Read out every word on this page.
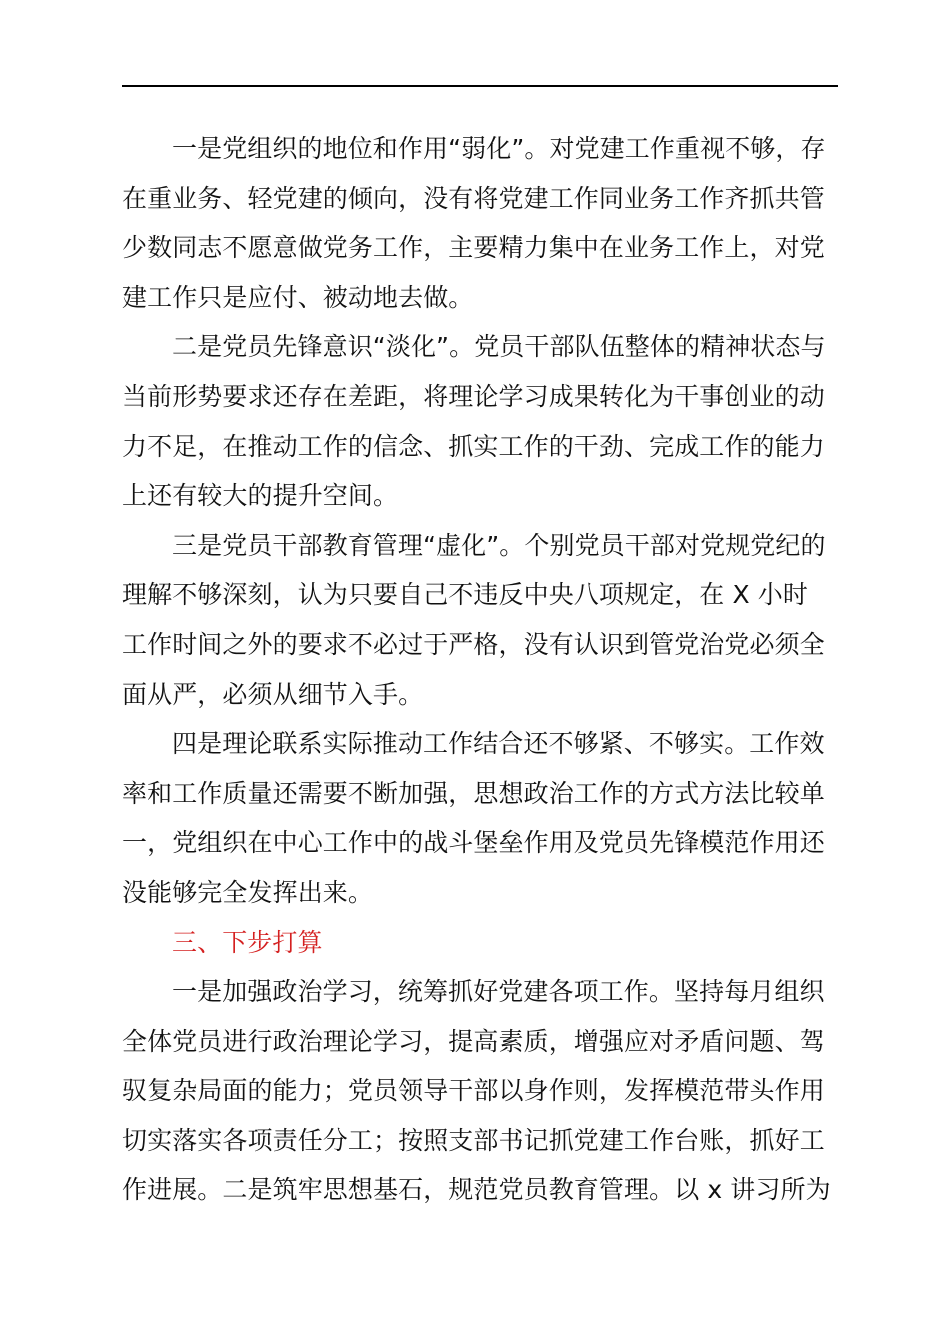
一是党组织的地位和作用“弱化”。对党建工作重视不够，存
在重业务、轻党建的倾向，没有将党建工作同业务工作齐抓共管
少数同志不愿意做党务工作，主要精力集中在业务工作上，对党
建工作只是应付、被动地去做。
二是党员先锋意识“淡化”。党员干部队伍整体的精神状态与
当前形势要求还存在差距，将理论学习成果转化为干事创业的动
力不足，在推动工作的信念、抓实工作的干劲、完成工作的能力
上还有较大的提升空间。
三是党员干部教育管理“虚化”。个别党员干部对党规党纪的
理解不够深刻，认为只要自己不违反中央八项规定，在 X 小时
工作时间之外的要求不必过于严格，没有认识到管党治党必须全
面从严，必须从细节入手。
四是理论联系实际推动工作结合还不够紧、不够实。工作效
率和工作质量还需要不断加强，思想政治工作的方式方法比较单
一，党组织在中心工作中的战斗堡垒作用及党员先锋模范作用还
没能够完全发挥出来。
三、下步打算
一是加强政治学习，统筹抓好党建各项工作。坚持每月组织
全体党员进行政治理论学习，提高素质，增强应对矛盾问题、驾
驭复杂局面的能力；党员领导干部以身作则，发挥模范带头作用
切实落实各项责任分工；按照支部书记抓党建工作台账，抓好工
作进展。二是筑牢思想基石，规范党员教育管理。以 x 讲习所为
